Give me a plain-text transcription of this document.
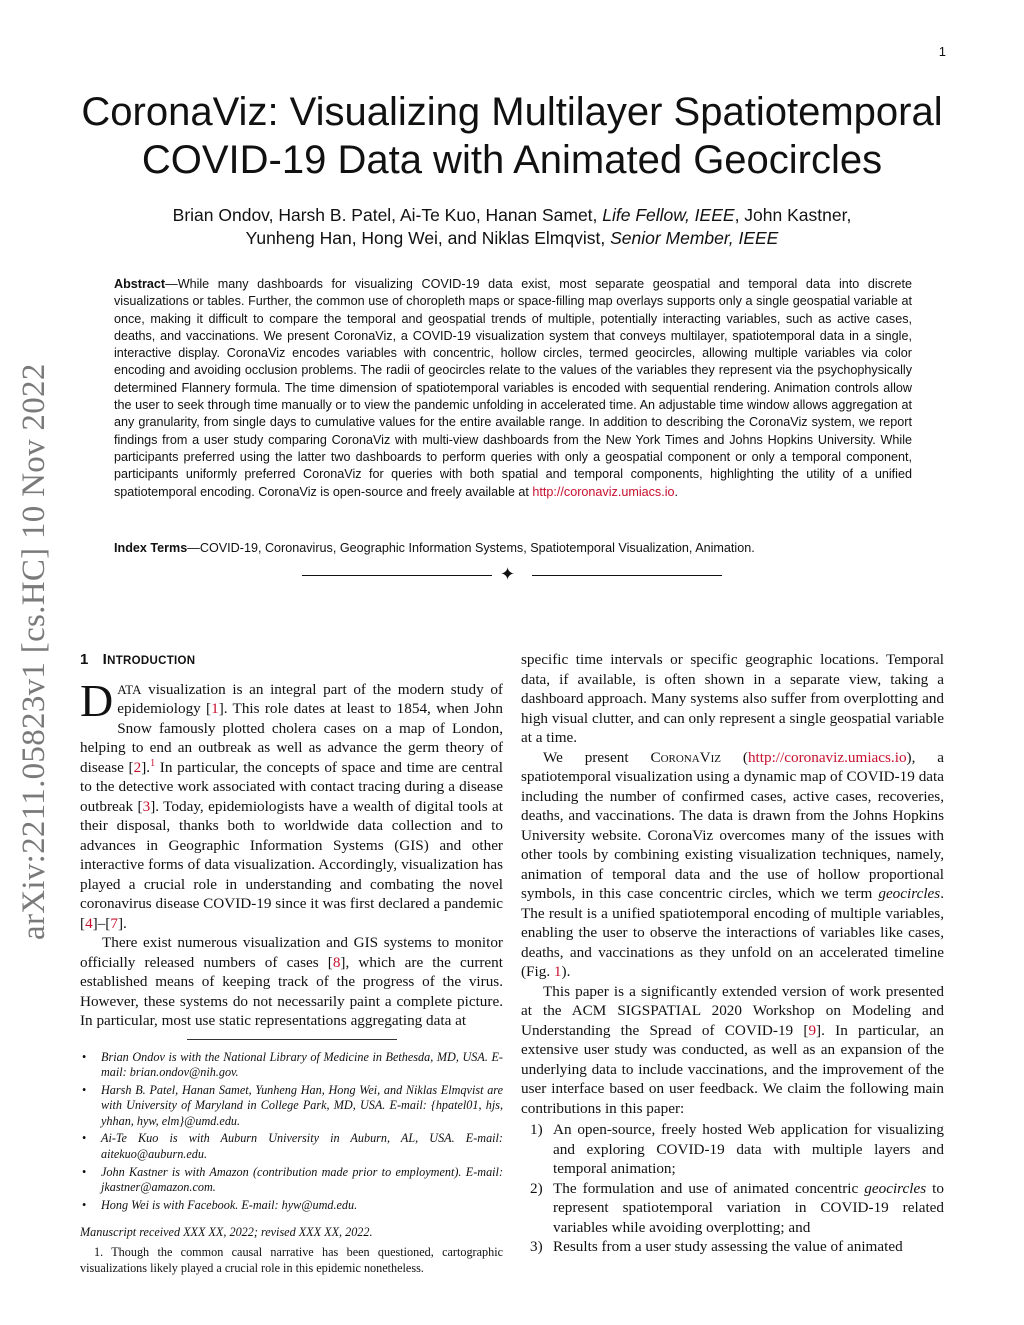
1
arXiv:2211.05823v1 [cs.HC] 10 Nov 2022
CoronaViz: Visualizing Multilayer Spatiotemporal
COVID-19 Data with Animated Geocircles
Brian Ondov, Harsh B. Patel, Ai-Te Kuo, Hanan Samet, Life Fellow, IEEE, John Kastner,
Yunheng Han, Hong Wei, and Niklas Elmqvist, Senior Member, IEEE
Abstract—While many dashboards for visualizing COVID-19 data exist, most separate geospatial and temporal data into discrete visualizations or tables. Further, the common use of choropleth maps or space-filling map overlays supports only a single geospatial variable at once, making it difficult to compare the temporal and geospatial trends of multiple, potentially interacting variables, such as active cases, deaths, and vaccinations. We present CoronaViz, a COVID-19 visualization system that conveys multilayer, spatiotemporal data in a single, interactive display. CoronaViz encodes variables with concentric, hollow circles, termed geocircles, allowing multiple variables via color encoding and avoiding occlusion problems. The radii of geocircles relate to the values of the variables they represent via the psychophysically determined Flannery formula. The time dimension of spatiotemporal variables is encoded with sequential rendering. Animation controls allow the user to seek through time manually or to view the pandemic unfolding in accelerated time. An adjustable time window allows aggregation at any granularity, from single days to cumulative values for the entire available range. In addition to describing the CoronaViz system, we report findings from a user study comparing CoronaViz with multi-view dashboards from the New York Times and Johns Hopkins University. While participants preferred using the latter two dashboards to perform queries with only a geospatial component or only a temporal component, participants uniformly preferred CoronaViz for queries with both spatial and temporal components, highlighting the utility of a unified spatiotemporal encoding. CoronaViz is open-source and freely available at http://coronaviz.umiacs.io.
Index Terms—COVID-19, Coronavirus, Geographic Information Systems, Spatiotemporal Visualization, Animation.
✦
1 INTRODUCTION

DATA visualization is an integral part of the modern study of epidemiology [1]. This role dates at least to 1854, when John Snow famously plotted cholera cases on a map of London, helping to end an outbreak as well as advance the germ theory of disease [2].$^1$ In particular, the concepts of space and time are central to the detective work associated with contact tracing during a disease outbreak [3]. Today, epidemiologists have a wealth of digital tools at their disposal, thanks both to worldwide data collection and to advances in Geographic Information Systems (GIS) and other interactive forms of data visualization. Accordingly, visualization has played a crucial role in understanding and combating the novel coronavirus disease COVID-19 since it was first declared a pandemic [4]–[7].

There exist numerous visualization and GIS systems to monitor officially released numbers of cases [8], which are the current established means of keeping track of the progress of the virus. However, these systems do not necessarily paint a complete picture. In particular, most use static representations aggregating data at

• Brian Ondov is with the National Library of Medicine in Bethesda, MD, USA. E-mail: brian.ondov@nih.gov.
• Harsh B. Patel, Hanan Samet, Yunheng Han, Hong Wei, and Niklas Elmqvist are with University of Maryland in College Park, MD, USA. E-mail: {hpatel01, hjs, yhhan, hyw, elm}@umd.edu.
• Ai-Te Kuo is with Auburn University in Auburn, AL, USA. E-mail: aitekuo@auburn.edu.
• John Kastner is with Amazon (contribution made prior to employment). E-mail: jkastner@amazon.com.
• Hong Wei is with Facebook. E-mail: hyw@umd.edu.
Manuscript received XXX XX, 2022; revised XXX XX, 2022.
1. Though the common causal narrative has been questioned, cartographic visualizations likely played a crucial role in this epidemic nonetheless.

specific time intervals or specific geographic locations. Temporal data, if available, is often shown in a separate view, taking a dashboard approach. Many systems also suffer from overplotting and high visual clutter, and can only represent a single geospatial variable at a time.

We present CoronaViz (http://coronaviz.umiacs.io), a spatiotemporal visualization using a dynamic map of COVID-19 data including the number of confirmed cases, active cases, recoveries, deaths, and vaccinations. The data is drawn from the Johns Hopkins University website. CoronaViz overcomes many of the issues with other tools by combining existing visualization techniques, namely, animation of temporal data and the use of hollow proportional symbols, in this case concentric circles, which we term geocircles. The result is a unified spatiotemporal encoding of multiple variables, enabling the user to observe the interactions of variables like cases, deaths, and vaccinations as they unfold on an accelerated timeline (Fig. 1).

This paper is a significantly extended version of work presented at the ACM SIGSPATIAL 2020 Workshop on Modeling and Understanding the Spread of COVID-19 [9]. In particular, an extensive user study was conducted, as well as an expansion of the underlying data to include vaccinations, and the improvement of the user interface based on user feedback. We claim the following main contributions in this paper:

1) An open-source, freely hosted Web application for visualizing and exploring COVID-19 data with multiple layers and temporal animation;
2) The formulation and use of animated concentric geocircles to represent spatiotemporal variation in COVID-19 related variables while avoiding overplotting; and
3) Results from a user study assessing the value of animated
